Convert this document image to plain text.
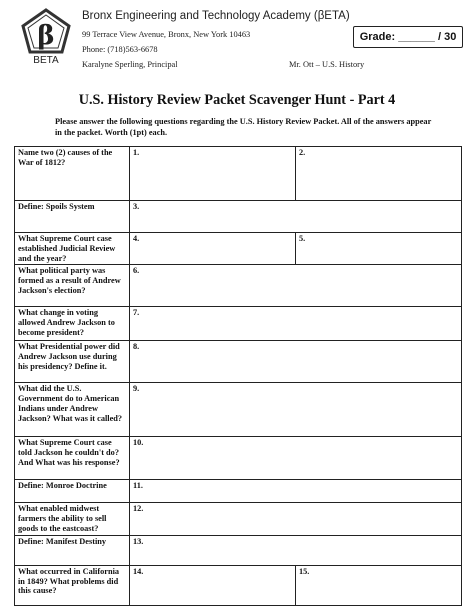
β
BETA
Bronx Engineering and Technology Academy (βETA)
99 Terrace View Avenue, Bronx, New York 10463
Phone: (718)563-6678
Karalyne Sperling, Principal	Mr. Ott – U.S. History
Grade: ______ / 30
U.S. History Review Packet Scavenger Hunt - Part 4
Please answer the following questions regarding the U.S. History Review Packet. All of the answers appear in the packet. Worth (1pt) each.
Name two (2) causes of the War of 1812?	1.	2.
Define: Spoils System	3.	
What Supreme Court case established Judicial Review and the year?	4.	5.
What political party was formed as a result of Andrew Jackson's election?	6.	
What change in voting allowed Andrew Jackson to become president?	7.	
What Presidential power did Andrew Jackson use during his presidency? Define it.	8.	
What did the U.S. Government do to American Indians under Andrew Jackson? What was it called?	9.	
What Supreme Court case told Jackson he couldn't do? And What was his response?	10.	
Define: Monroe Doctrine	11.	
What enabled midwest farmers the ability to sell goods to the eastcoast?	12.	
Define: Manifest Destiny	13.	
What occurred in California in 1849? What problems did this cause?	14.	15.
